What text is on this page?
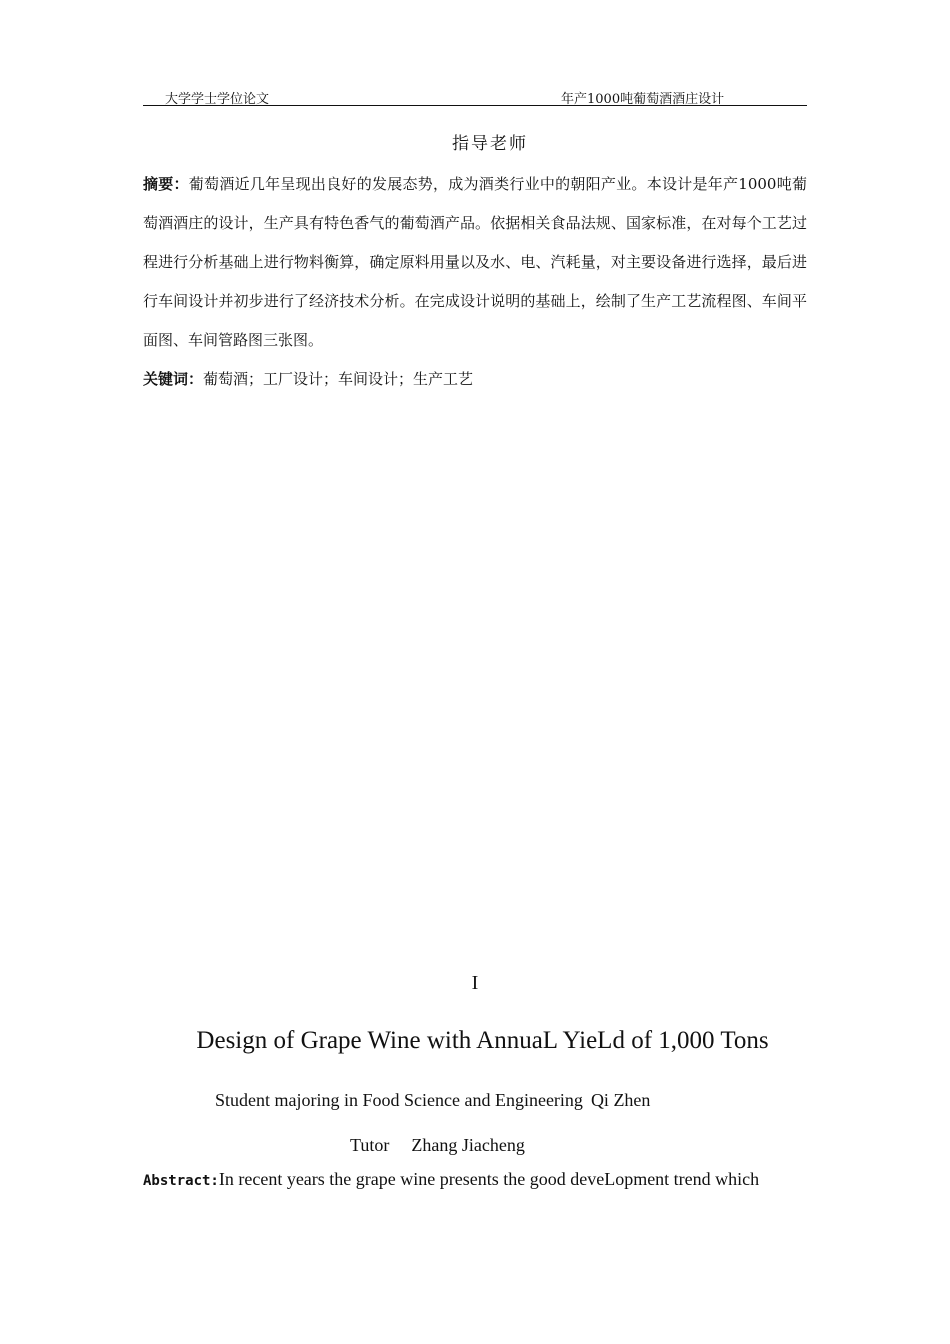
大学学士学位论文	年产1000吨葡萄酒酒庄设计
指导老师
摘要：葡萄酒近几年呈现出良好的发展态势，成为酒类行业中的朝阳产业。本设计是年产1000吨葡萄酒酒庄的设计，生产具有特色香气的葡萄酒产品。依据相关食品法规、国家标准，在对每个工艺过程进行分析基础上进行物料衡算，确定原料用量以及水、电、汽耗量，对主要设备进行选择，最后进行车间设计并初步进行了经济技术分析。在完成设计说明的基础上，绘制了生产工艺流程图、车间平面图、车间管路图三张图。
关键词：葡萄酒；工厂设计；车间设计；生产工艺
I
Design of Grape Wine with AnnuaL YieLd of 1,000 Tons
Student majoring in Food Science and Engineering Qi Zhen
Tutor Zhang Jiacheng
Abstract:In recent years the grape wine presents the good deveLopment trend which
